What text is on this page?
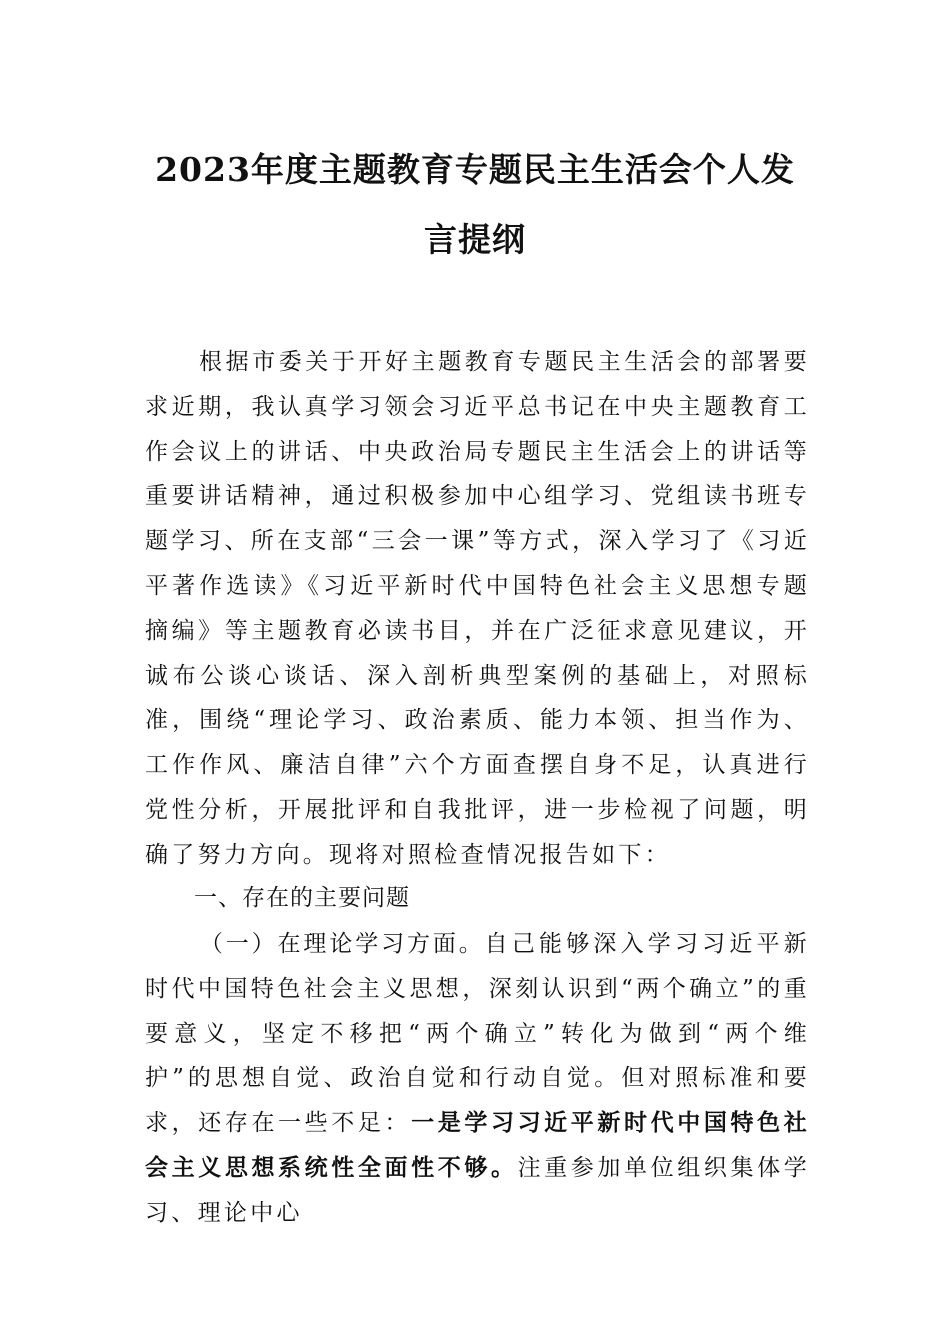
2023年度主题教育专题民主生活会个人发
言提纲
根据市委关于开好主题教育专题民主生活会的部署要求近期，我认真学习领会习近平总书记在中央主题教育工作会议上的讲话、中央政治局专题民主生活会上的讲话等重要讲话精神，通过积极参加中心组学习、党组读书班专题学习、所在支部“三会一课”等方式，深入学习了《习近平著作选读》《习近平新时代中国特色社会主义思想专题摘编》等主题教育必读书目，并在广泛征求意见建议，开诚布公谈心谈话、深入剖析典型案例的基础上，对照标准，围绕“理论学习、政治素质、能力本领、担当作为、工作作风、廉洁自律”六个方面查摆自身不足，认真进行党性分析，开展批评和自我批评，进一步检视了问题，明确了努力方向。现将对照检查情况报告如下：
一、存在的主要问题
（一）在理论学习方面。自己能够深入学习习近平新时代中国特色社会主义思想，深刻认识到“两个确立”的重要意义，坚定不移把“两个确立”转化为做到“两个维护”的思想自觉、政治自觉和行动自觉。但对照标准和要求，还存在一些不足：一是学习习近平新时代中国特色社会主义思想系统性全面性不够。注重参加单位组织集体学习、理论中心
